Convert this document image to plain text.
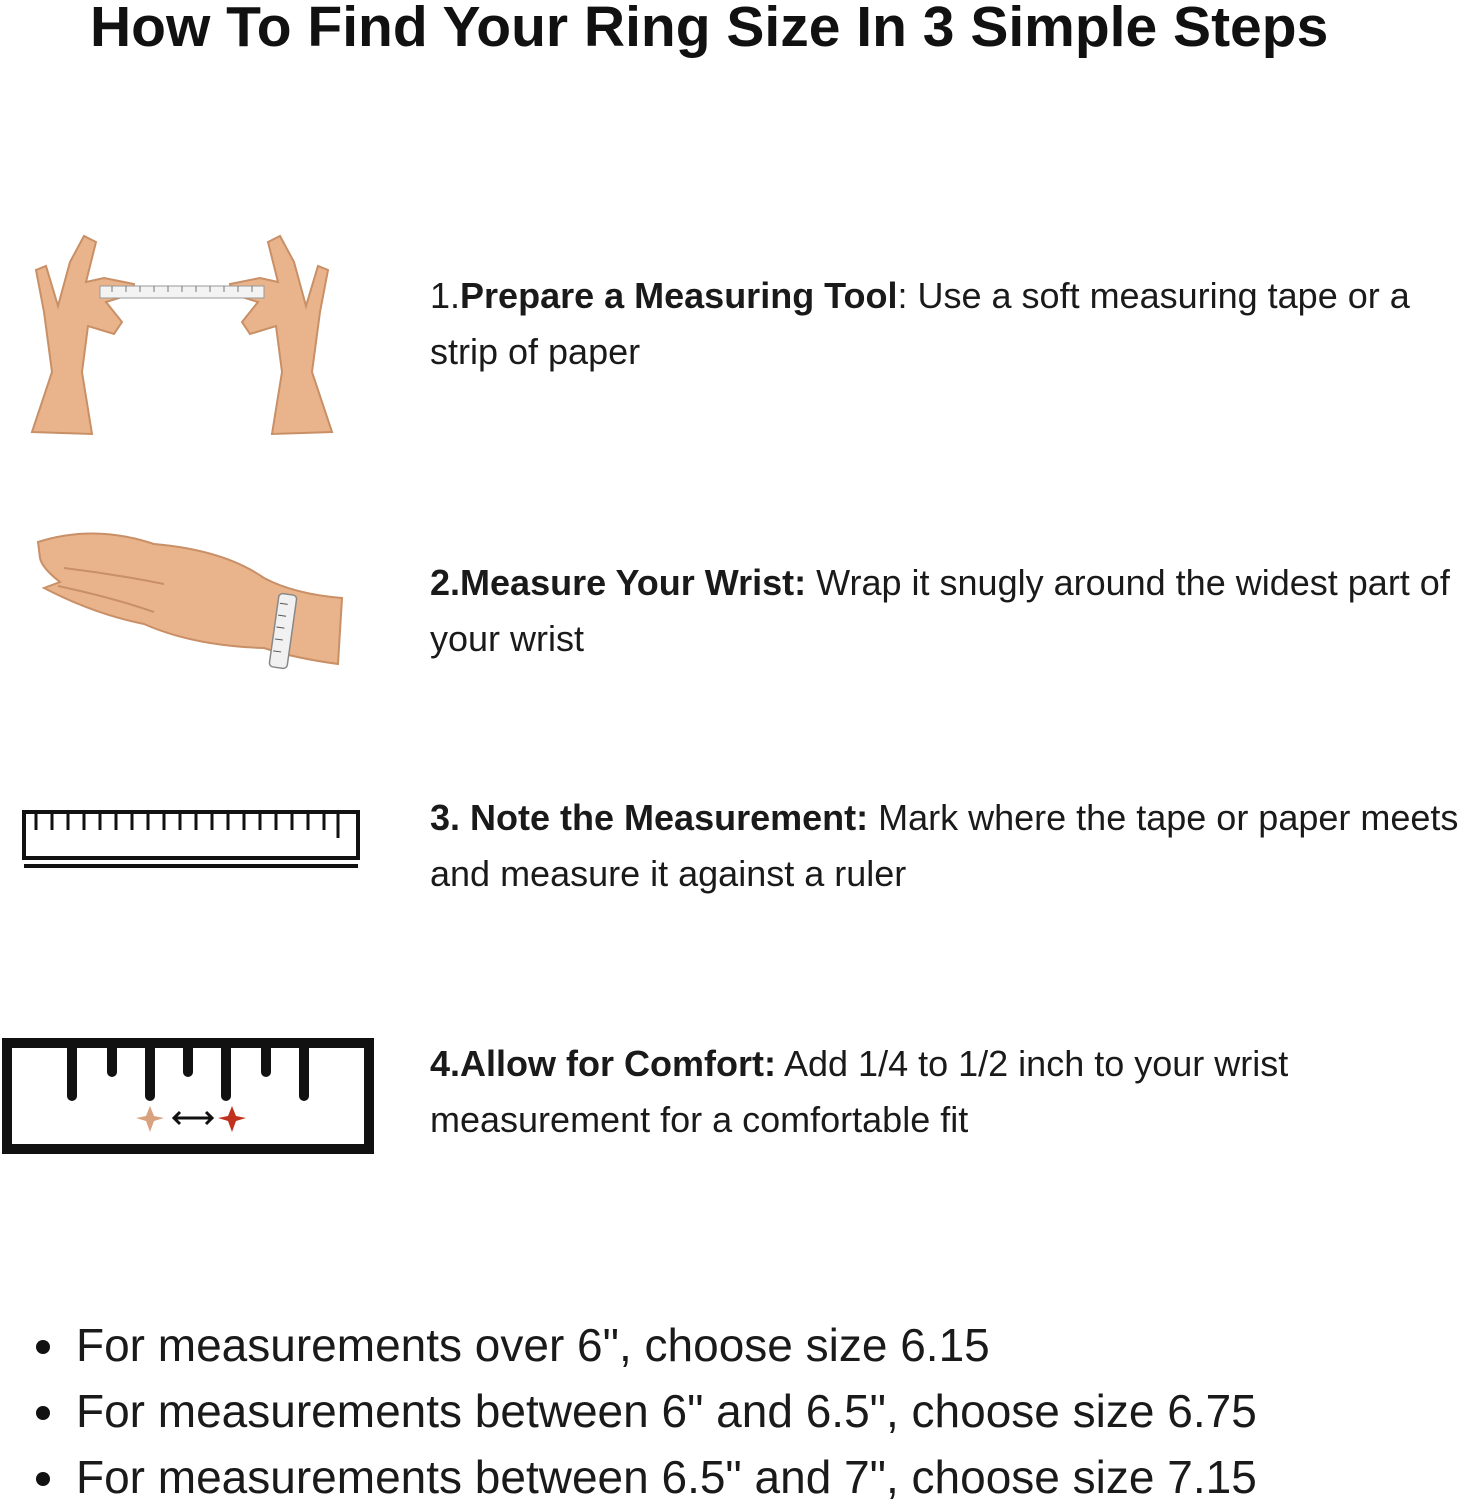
How To Find Your Ring Size In 3 Simple Steps
1.Prepare a Measuring Tool: Use a soft measuring tape or a strip of paper
2.Measure Your Wrist: Wrap it snugly around the widest part of your wrist
3. Note the Measurement: Mark where the tape or paper meets and measure it against a ruler
4.Allow for Comfort: Add 1/4 to 1/2 inch to your wrist measurement for a comfortable fit
For measurements over 6", choose size 6.15
For measurements between 6" and 6.5", choose size 6.75
For measurements between 6.5" and 7", choose size 7.15
